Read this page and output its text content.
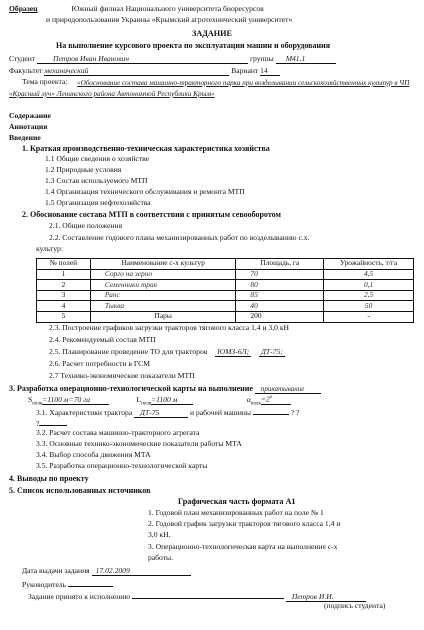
Образец	Южный филиал Национального университета биоресурсов
и природопользования Украины «Крымский агротехнический университет»
ЗАДАНИЕ
На выполнение курсового проекта по эксплуатации машин и оборудования
Студент Петров Иван Иванович	группы М41.1
Факультет механический	Вариант 14
Тема проекта:	«Обоснование состава машинно-тракторного парка при возделывании сельскохозяйственных культур в ЧП «Красный луч» Ленинского района Автономной Республики Крым»
Содержание
Аннотация
Введение
1. Краткая производственно-техническая характеристика хозяйства
1.1 Общие сведения о хозяйстве
1.2 Природные условия
1.3 Состав используемого МТП
1.4 Организация технического обслуживания и ремонта МТП
1.5 Организация нефтехозяйства
2. Обоснование состава МТП в соответствии с принятым севооборотом
2.1. Общие положения
2.2. Составление годового плана механизированных работ по возделыванию с.х.
культур:
№ полей	Наименование с-х культур	Площадь, га	Урожайность, т/га
1	Сорго на зерно	70	4,5
2	Семенники трав	80	0,1
3	Рапс	85	2,5
4	Тыква	40	50
5	Пары	200	-
2.3. Построение графиков загрузки тракторов тягового класса 1,4 и 3,0 кН
2.4. Рекомендуемый состав МТП
2.5. Планирование проведение ТО для тракторов ЮМЗ-6Л; ДТ-75;
2.6. Расчет потребности в ГСМ
2.7 Технико-экономические показатели МТП
3. Разработка операционно-технологической карты на выполнение прикатывание
$S_{поля}=1100$ м=70 га	$L_{поля}=1100$ м	$\alpha_{поля}=2^о$
3.1. Характеристики трактора ДТ-75	и рабочей машины	? ?
?
3.2. Расчет состава машинно-тракторного агрегата
3.3. Основные технико-экономические показатели работы МТА
3.4. Выбор способа движения МТА
3.5. Разработка операционно-технологической карты
4. Выводы по проекту
5. Список использованных источников
Графическая часть формата А1
1. Годовой план механизированных работ на поле № 1
2. Годовой график загрузки тракторов тягового класса 1,4 и
3,0 кН.
3. Операционно-технологическая карта на выполнение с-х
работы.
Дата выдачи задания 17.02.2009
Руководитель
Задание принято к исполнению	Петров И.И.
(подпись студента)
